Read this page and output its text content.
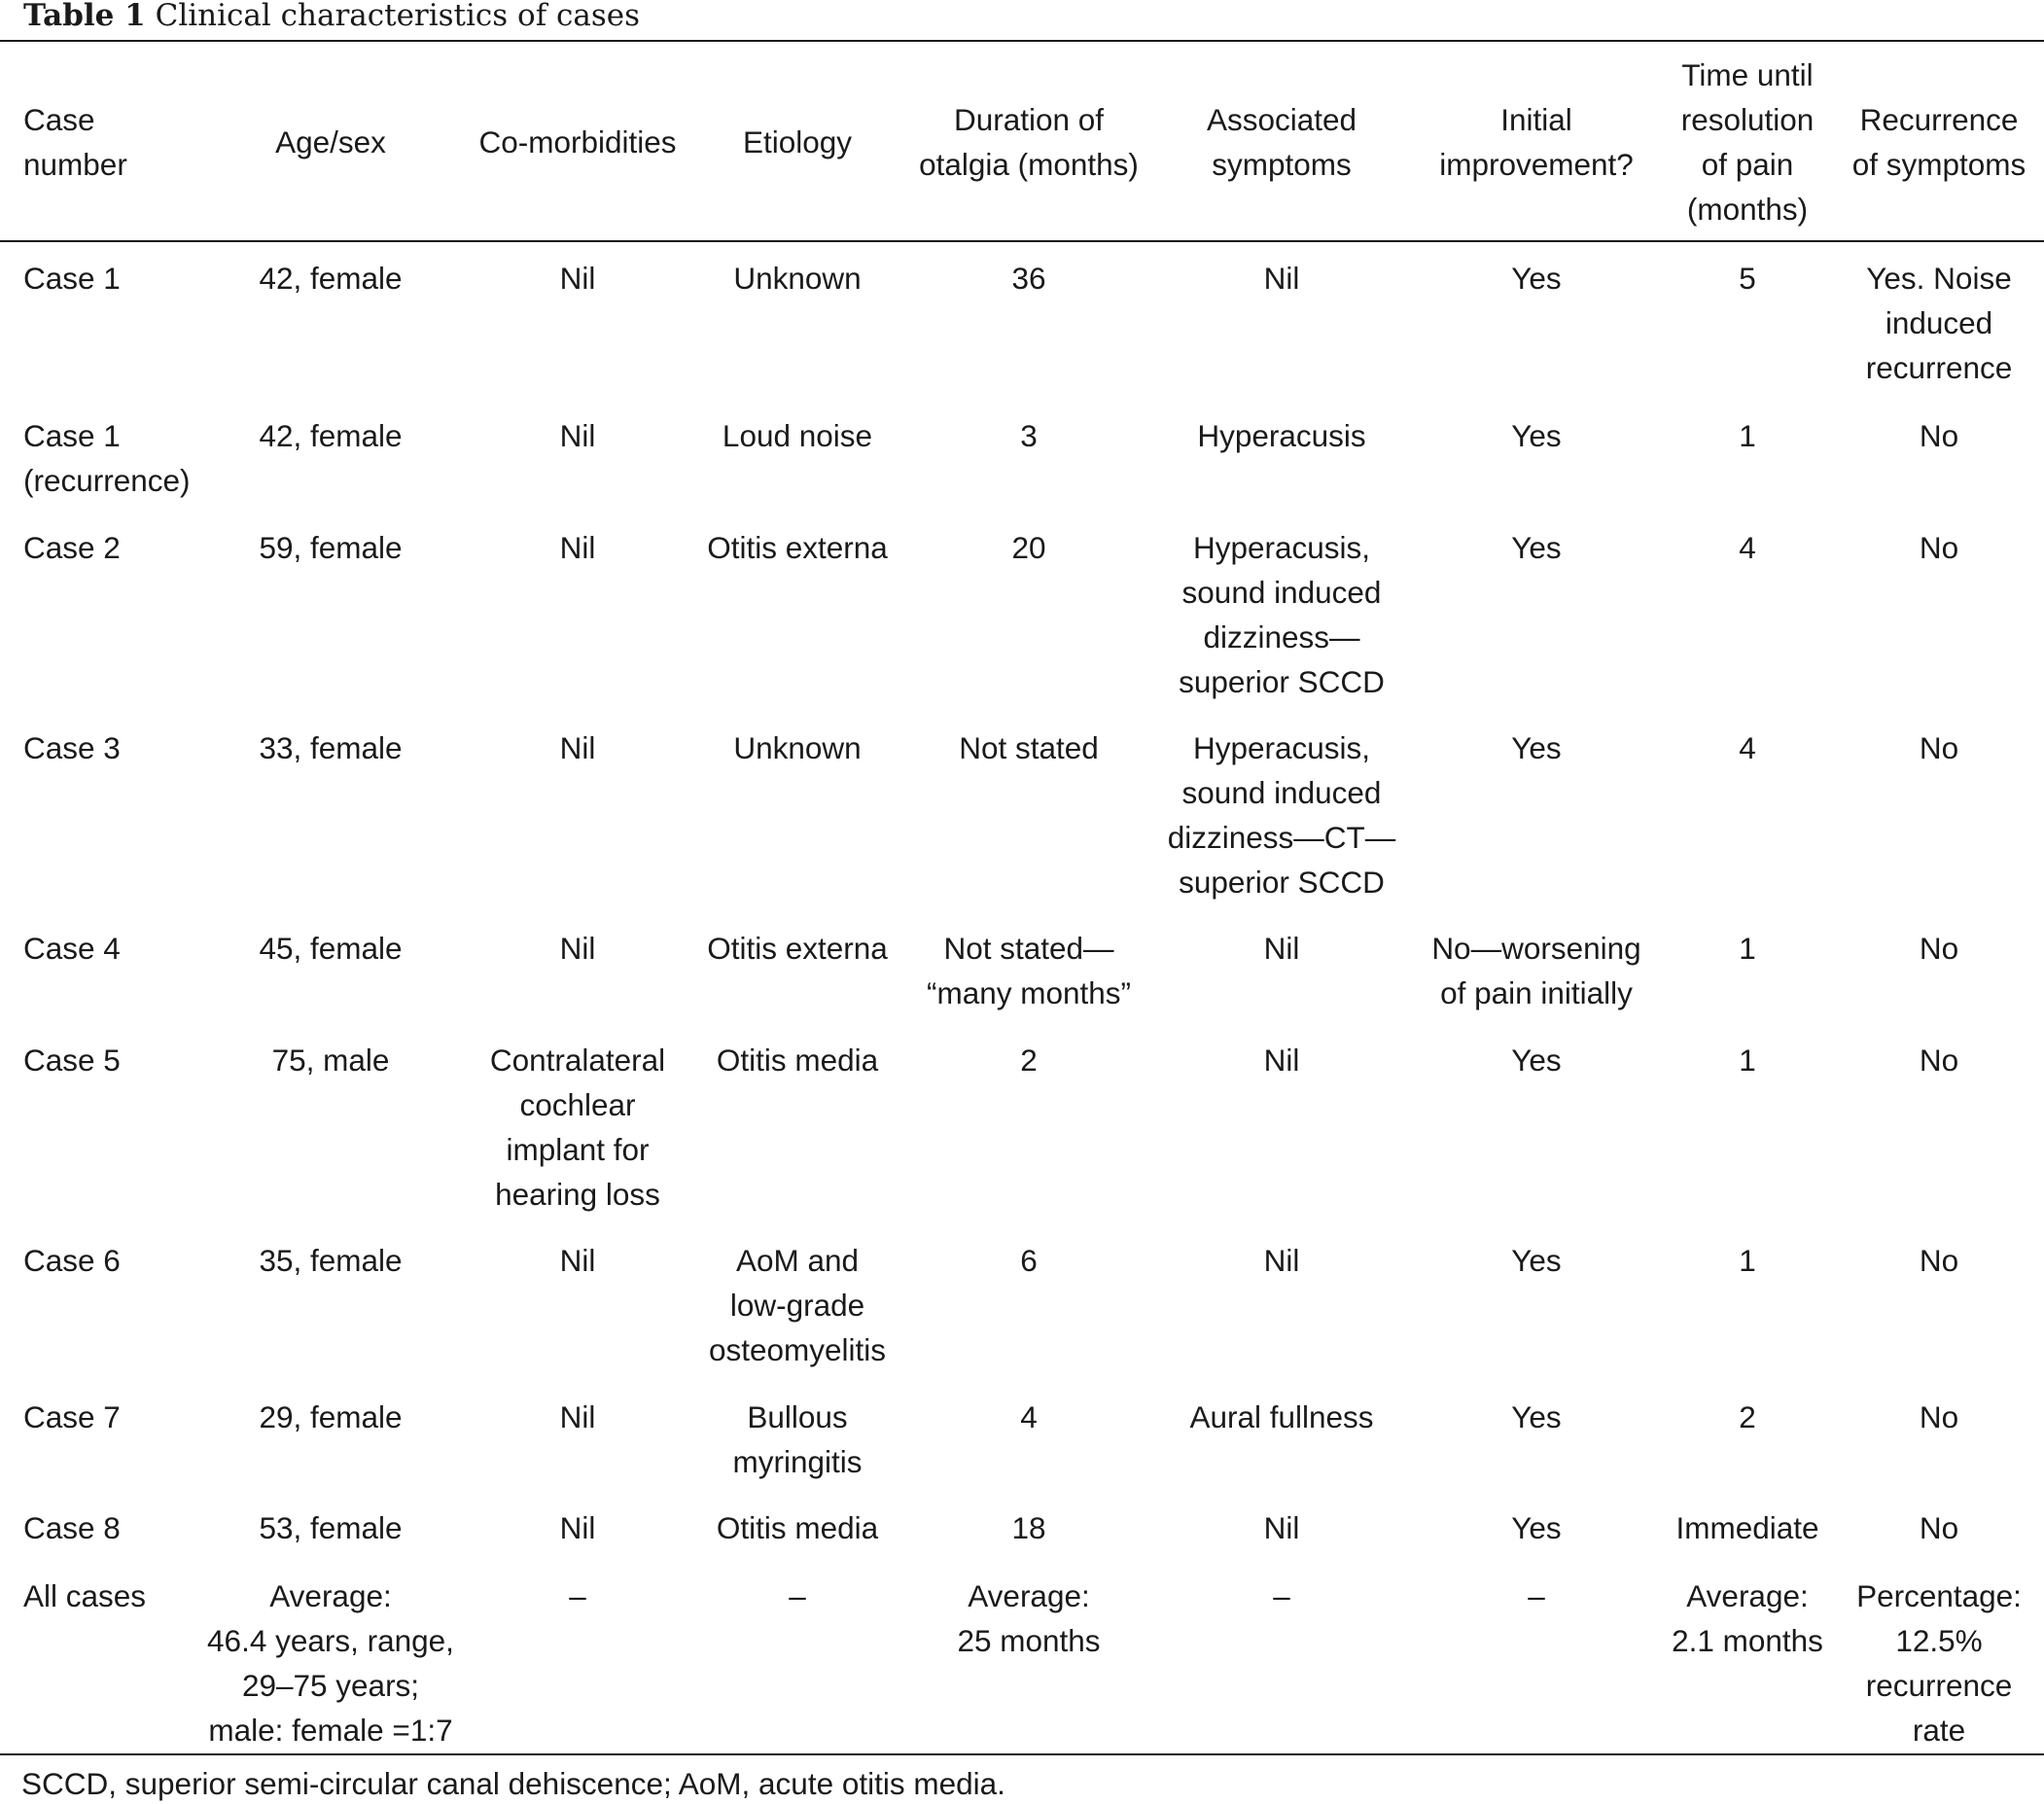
Table 1 Clinical characteristics of cases
Case
number	Age/sex	Co-morbidities	Etiology	Duration of
otalgia (months)	Associated
symptoms	Initial
improvement?	Time until
resolution
of pain
(months)	Recurrence
of symptoms
Case 1	42, female	Nil	Unknown	36	Nil	Yes	5	Yes. Noise
induced
recurrence
Case 1
(recurrence)	42, female	Nil	Loud noise	3	Hyperacusis	Yes	1	No
Case 2	59, female	Nil	Otitis externa	20	Hyperacusis,
sound induced
dizziness—
superior SCCD	Yes	4	No
Case 3	33, female	Nil	Unknown	Not stated	Hyperacusis,
sound induced
dizziness—CT—
superior SCCD	Yes	4	No
Case 4	45, female	Nil	Otitis externa	Not stated—
“many months”	Nil	No—worsening
of pain initially	1	No
Case 5	75, male	Contralateral
cochlear
implant for
hearing loss	Otitis media	2	Nil	Yes	1	No
Case 6	35, female	Nil	AoM and
low-grade
osteomyelitis	6	Nil	Yes	1	No
Case 7	29, female	Nil	Bullous
myringitis	4	Aural fullness	Yes	2	No
Case 8	53, female	Nil	Otitis media	18	Nil	Yes	Immediate	No
All cases	Average:
46.4 years, range,
29–75 years;
male: female =1:7	–	–	Average:
25 months	–	–	Average:
2.1 months	Percentage:
12.5%
recurrence
rate
SCCD, superior semi-circular canal dehiscence; AoM, acute otitis media.
